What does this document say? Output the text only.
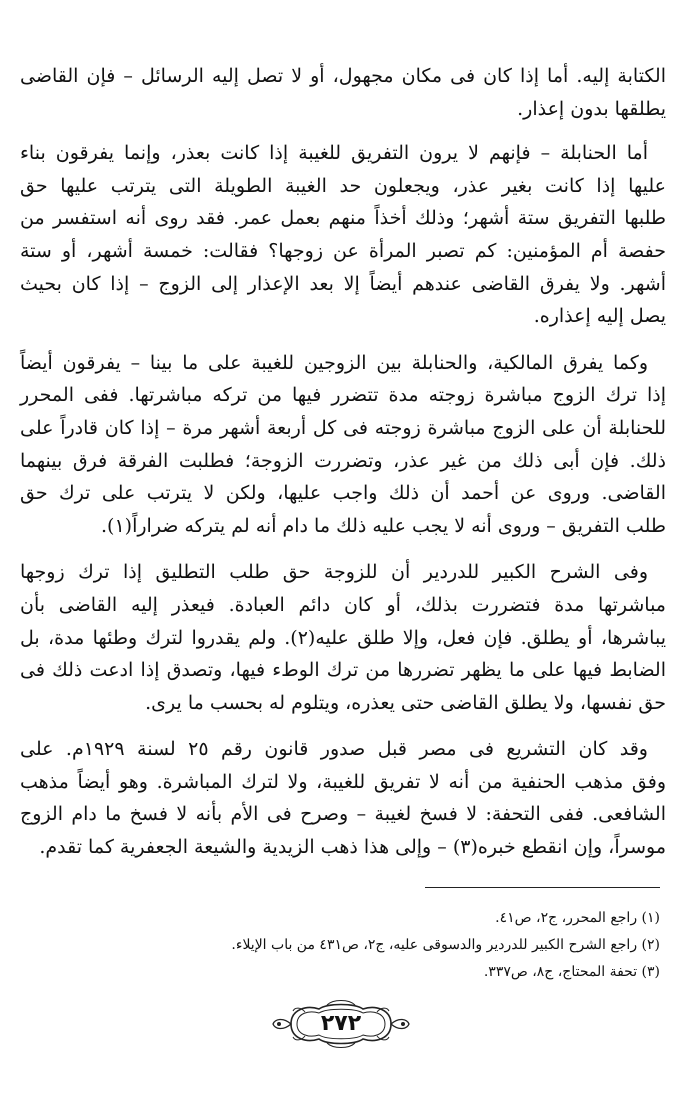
الكتابة إليه. أما إذا كان فى مكان مجهول، أو لا تصل إليه الرسائل – فإن القاضى
يطلقها بدون إعذار.
أما الحنابلة – فإنهم لا يرون التفريق للغيبة إذا كانت بعذر، وإنما يفرقون بناء
عليها إذا كانت بغير عذر، ويجعلون حد الغيبة الطويلة التى يترتب عليها حق
طلبها التفريق ستة أشهر؛ وذلك أخذاً منهم بعمل عمر. فقد روى أنه استفسر من
حفصة أم المؤمنين: كم تصبر المرأة عن زوجها؟ فقالت: خمسة أشهر، أو ستة
أشهر. ولا يفرق القاضى عندهم أيضاً إلا بعد الإعذار إلى الزوج – إذا كان بحيث
يصل إليه إعذاره.
وكما يفرق المالكية، والحنابلة بين الزوجين للغيبة على ما بينا – يفرقون أيضاً
إذا ترك الزوج مباشرة زوجته مدة تتضرر فيها من تركه مباشرتها. ففى المحرر
للحنابلة أن على الزوج مباشرة زوجته فى كل أربعة أشهر مرة – إذا كان قادراً على
ذلك. فإن أبى ذلك من غير عذر، وتضررت الزوجة؛ فطلبت الفرقة فرق بينهما
القاضى. وروى عن أحمد أن ذلك واجب عليها، ولكن لا يترتب على ترك حق
طلب التفريق – وروى أنه لا يجب عليه ذلك ما دام أنه لم يتركه ضراراً(١).
وفى الشرح الكبير للدردير أن للزوجة حق طلب التطليق إذا ترك زوجها
مباشرتها مدة فتضررت بذلك، أو كان دائم العبادة. فيعذر إليه القاضى بأن
يباشرها، أو يطلق. فإن فعل، وإلا طلق عليه(٢). ولم يقدروا لترك وطئها مدة، بل
الضابط فيها على ما يظهر تضررها من ترك الوطء فيها، وتصدق إذا ادعت ذلك فى
حق نفسها، ولا يطلق القاضى حتى يعذره، ويتلوم له بحسب ما يرى.
وقد كان التشريع فى مصر قبل صدور قانون رقم ٢٥ لسنة ١٩٢٩م. على
وفق مذهب الحنفية من أنه لا تفريق للغيبة، ولا لترك المباشرة. وهو أيضاً مذهب
الشافعى. ففى التحفة: لا فسخ لغيبة – وصرح فى الأم بأنه لا فسخ ما دام الزوج
موسراً، وإن انقطع خبره(٣) – وإلى هذا ذهب الزيدية والشيعة الجعفرية كما تقدم.
(١) راجع المحرر، ج٢، ص٤١.
(٢) راجع الشرح الكبير للدردير والدسوقى عليه، ج٢، ص٤٣١ من باب الإيلاء.
(٣) تحفة المحتاج، ج٨، ص٣٣٧.
٢٧٢
